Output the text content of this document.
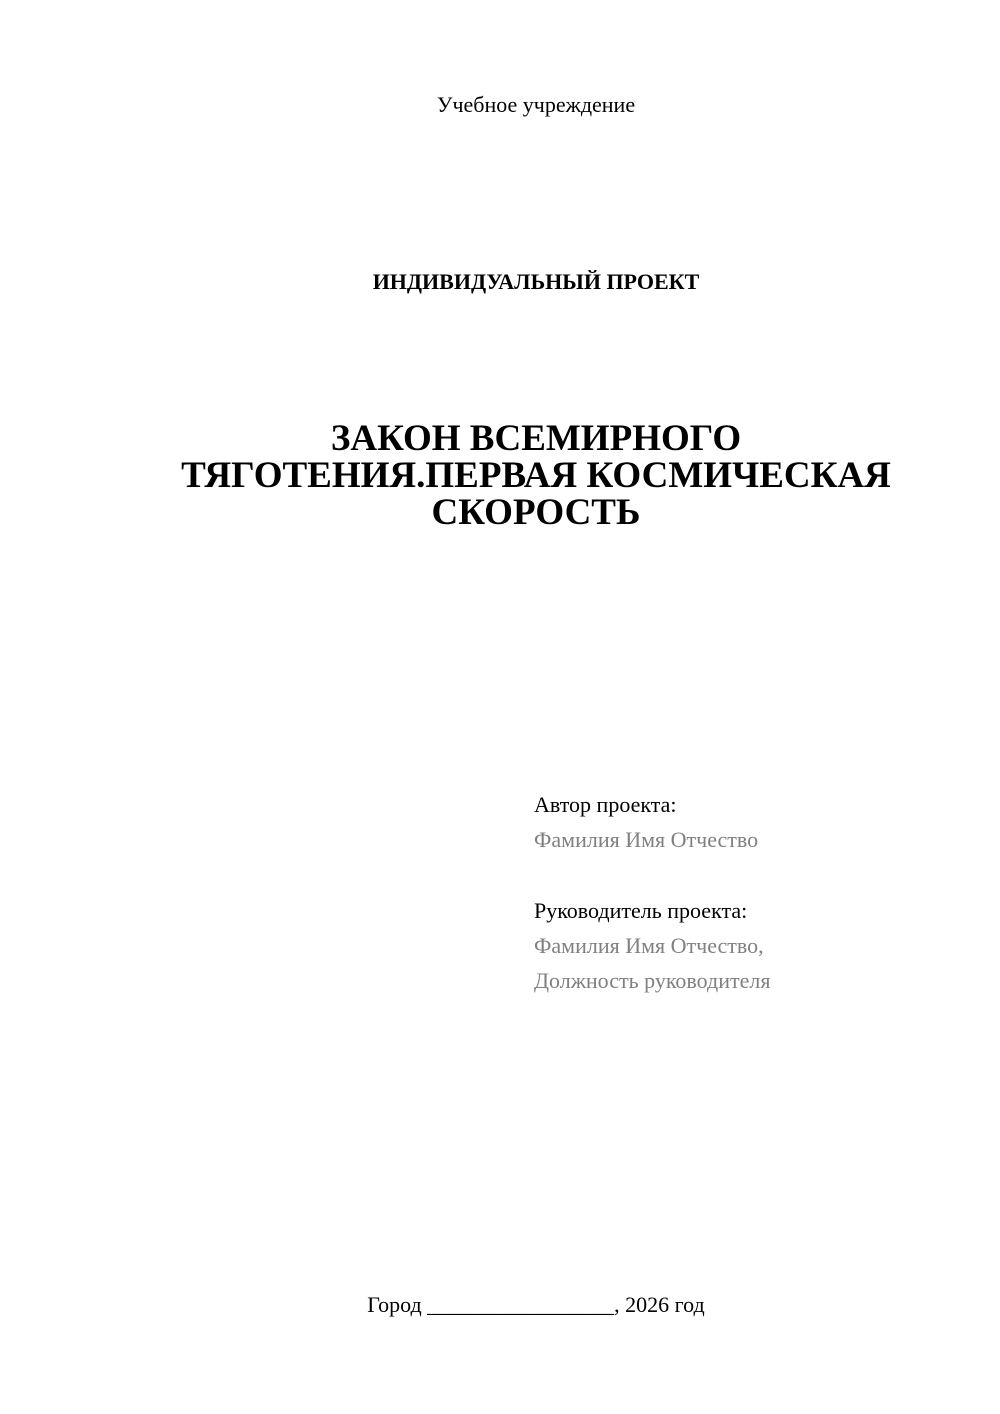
Учебное учреждение
ИНДИВИДУАЛЬНЫЙ ПРОЕКТ
ЗАКОН ВСЕМИРНОГО
ТЯГОТЕНИЯ.ПЕРВАЯ КОСМИЧЕСКАЯ
СКОРОСТЬ
Автор проекта:
Фамилия Имя Отчество
Руководитель проекта:
Фамилия Имя Отчество,
Должность руководителя
Город _________________, 2026 год
